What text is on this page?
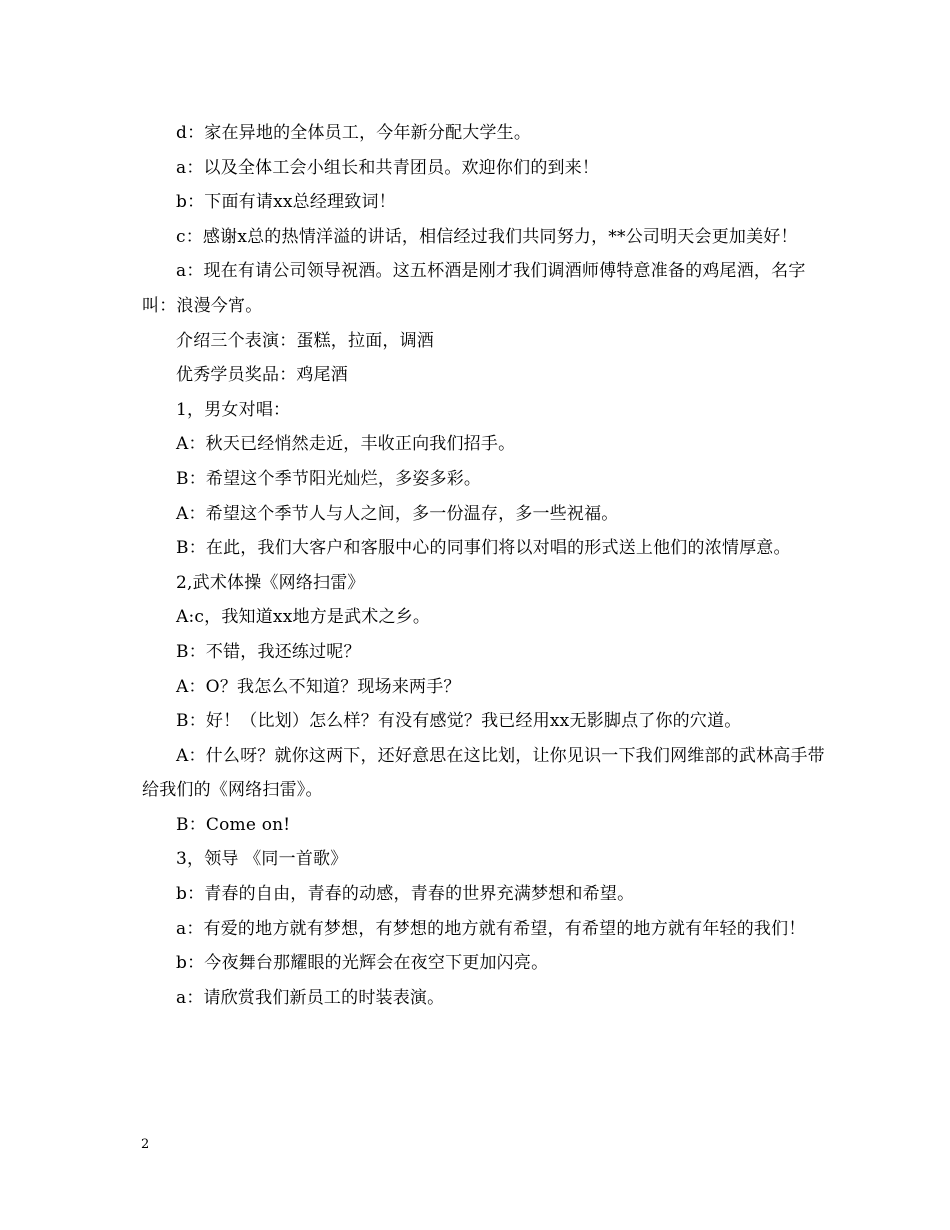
d：家在异地的全体员工，今年新分配大学生。

a：以及全体工会小组长和共青团员。欢迎你们的到来！

b：下面有请xx总经理致词！

c：感谢x总的热情洋溢的讲话，相信经过我们共同努力，**公司明天会更加美好！

a：现在有请公司领导祝酒。这五杯酒是刚才我们调酒师傅特意准备的鸡尾酒，名字叫：浪漫今宵。

介绍三个表演：蛋糕，拉面，调酒

优秀学员奖品：鸡尾酒

1，男女对唱：

A：秋天已经悄然走近，丰收正向我们招手。

B：希望这个季节阳光灿烂，多姿多彩。

A：希望这个季节人与人之间，多一份温存，多一些祝福。

B：在此，我们大客户和客服中心的同事们将以对唱的形式送上他们的浓情厚意。

2,武术体操《网络扫雷》

A:c，我知道xx地方是武术之乡。

B：不错，我还练过呢？

A：O？我怎么不知道？现场来两手？

B：好！（比划）怎么样？有没有感觉？我已经用xx无影脚点了你的穴道。

A：什么呀？就你这两下，还好意思在这比划，让你见识一下我们网维部的武林高手带给我们的《网络扫雷》。

B：Come on!

3，领导 《同一首歌》

b：青春的自由，青春的动感，青春的世界充满梦想和希望。

a：有爱的地方就有梦想，有梦想的地方就有希望，有希望的地方就有年轻的我们！

b：今夜舞台那耀眼的光辉会在夜空下更加闪亮。

a：请欣赏我们新员工的时装表演。

2
